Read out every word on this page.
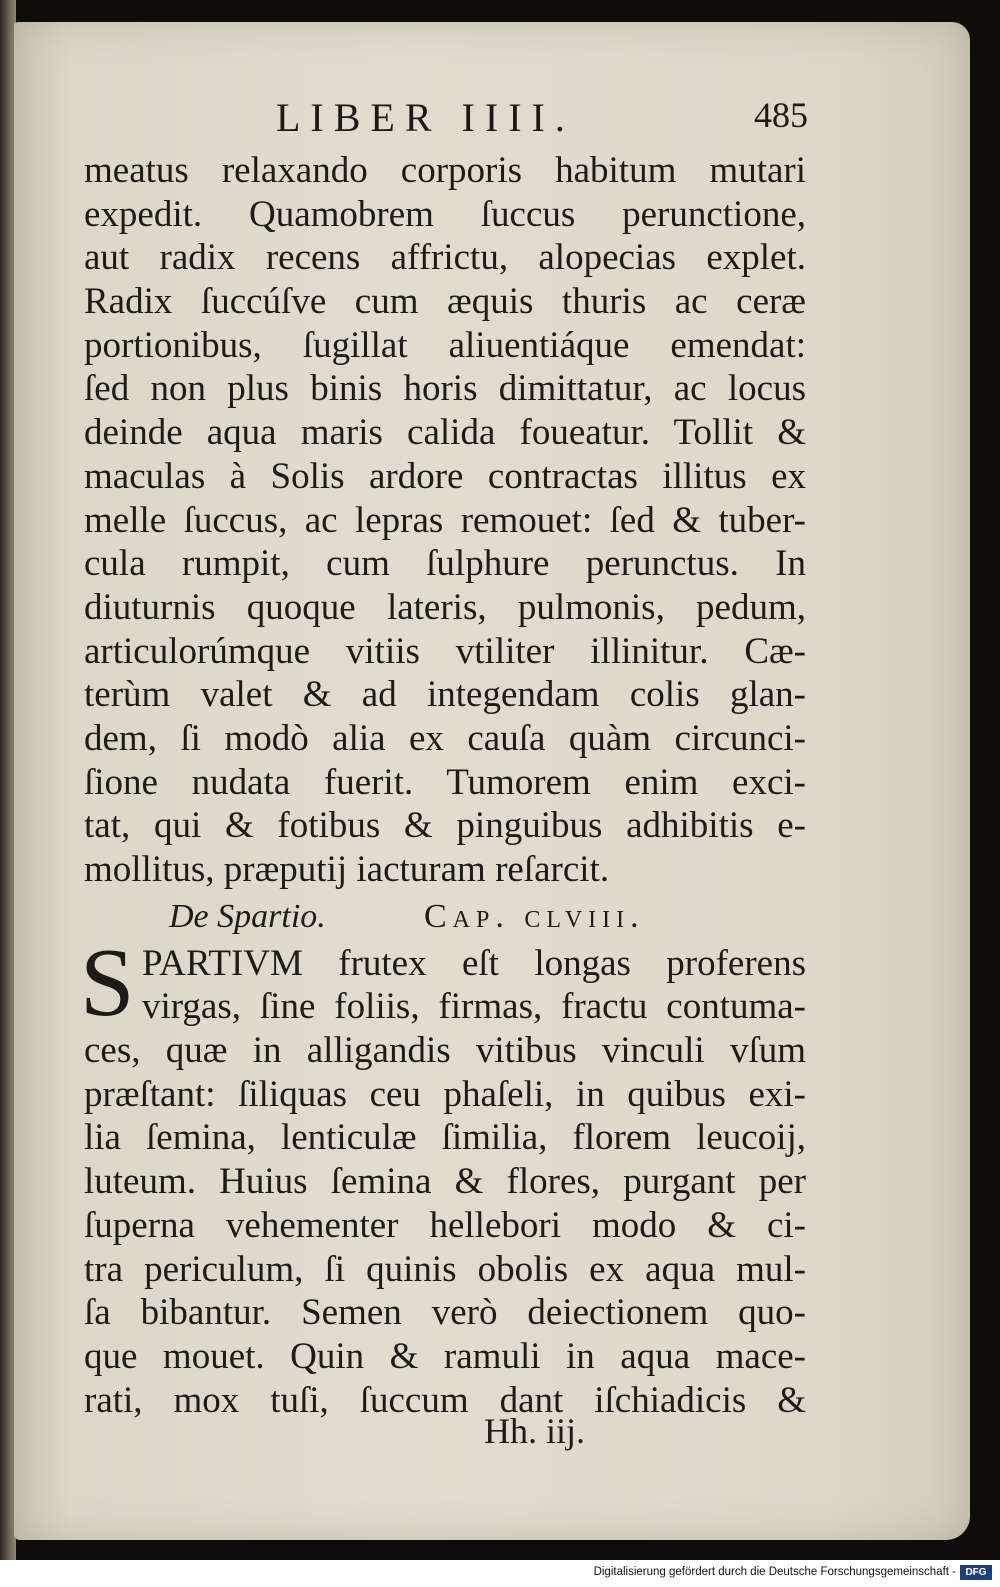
LIBER IIII.	485
meatus relaxando corporis habitum mutari
expedit. Quamobrem ſuccus perunctione,
aut radix recens affrictu, alopecias explet.
Radix ſuccúſve cum æquis thuris ac ceræ
portionibus, ſugillat aliuentiáque emendat:
ſed non plus binis horis dimittatur, ac locus
deinde aqua maris calida foueatur. Tollit &
maculas à Solis ardore contractas illitus ex
melle ſuccus, ac lepras remouet: ſed & tuber-
cula rumpit, cum ſulphure perunctus. In
diuturnis quoque lateris, pulmonis, pedum,
articulorúmque vitiis vtiliter illinitur. Cæ-
terùm valet & ad integendam colis glan-
dem, ſi modò alia ex cauſa quàm circunci-
ſione nudata fuerit. Tumorem enim exci-
tat, qui & fotibus & pinguibus adhibitis e-
mollitus, præputij iacturam reſarcit.
De Spartio.	Cap. clviii.
S PARTIVM frutex eſt longas proferens
virgas, ſine foliis, firmas, fractu contuma-
ces, quæ in alligandis vitibus vinculi vſum
præſtant: ſiliquas ceu phaſeli, in quibus exi-
lia ſemina, lenticulæ ſimilia, florem leucoij,
luteum. Huius ſemina & flores, purgant per
ſuperna vehementer hellebori modo & ci-
tra periculum, ſi quinis obolis ex aqua mul-
ſa bibantur. Semen verò deiectionem quo-
que mouet. Quin & ramuli in aqua mace-
rati, mox tuſi, ſuccum dant iſchiadicis &
Hh. iij.
Digitalisierung gefördert durch die Deutsche Forschungsgemeinschaft - DFG
